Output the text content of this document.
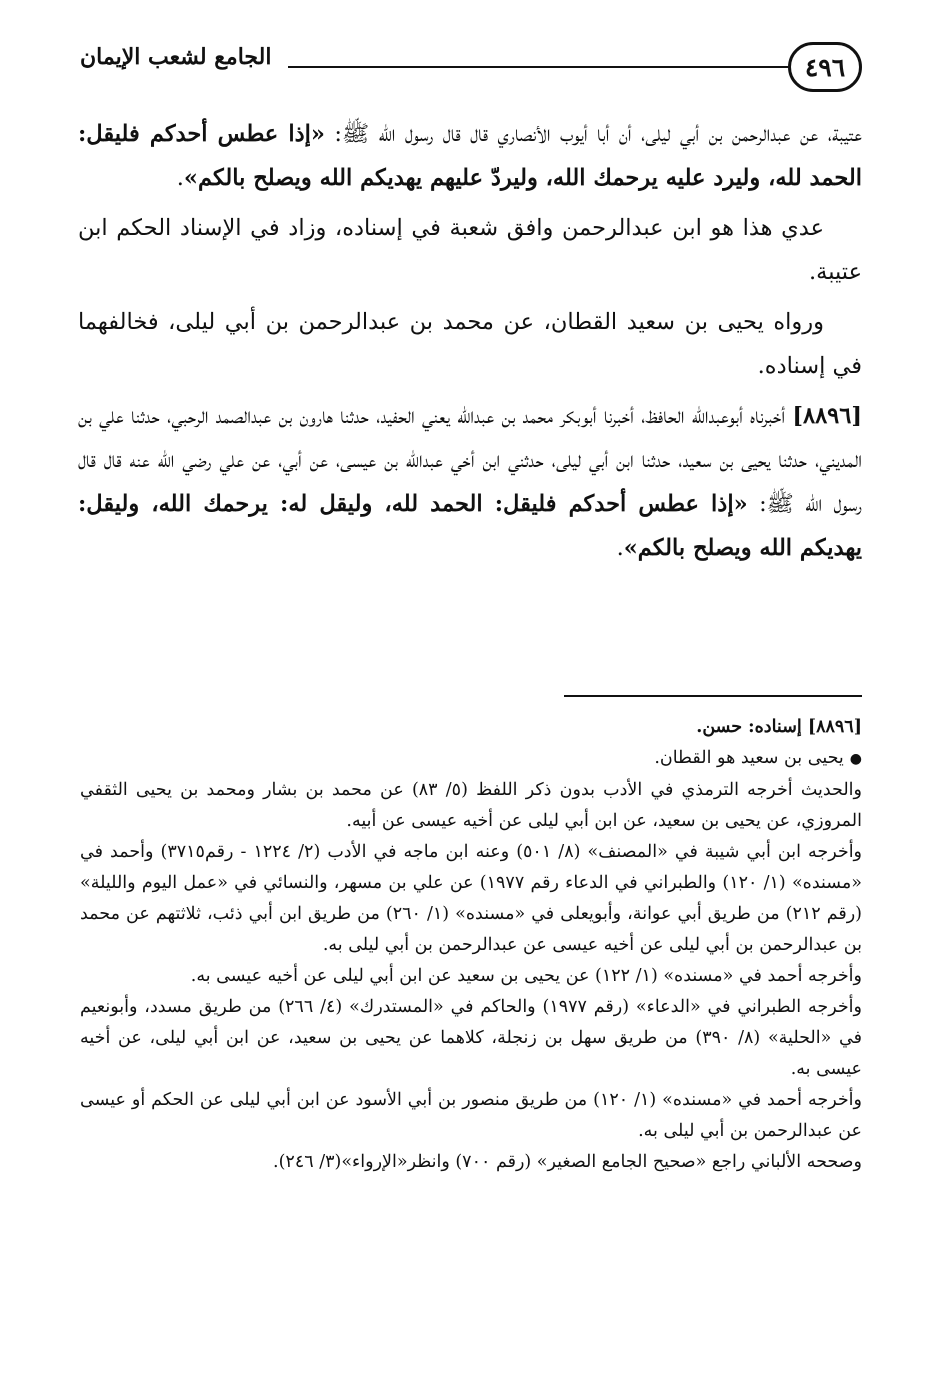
٤٩٦
الجامع لشعب الإيمان

عتيبة، عن عبدالرحمن بن أبي ليلى، أن أبا أيوب الأنصاري قال قال رسول الله ﷺ: «إذا عطس أحدكم فليقل: الحمد لله، وليرد عليه يرحمك الله، وليردّ عليهم يهديكم الله ويصلح بالكم».

عدي هذا هو ابن عبدالرحمن وافق شعبة في إسناده، وزاد في الإسناد الحكم ابن عتيبة.

ورواه يحيى بن سعيد القطان، عن محمد بن عبدالرحمن بن أبي ليلى، فخالفهما في إسناده.

[٨٨٩٦] أخبرناه أبوعبدالله الحافظ، أخبرنا أبوبكر محمد بن عبدالله يعني الحفيد، حدثنا هارون بن عبدالصمد الرحبي، حدثنا علي بن المديني، حدثنا يحيى بن سعيد، حدثنا ابن أبي ليلى، حدثني ابن أخي عبدالله بن عيسى، عن أبي، عن علي رضي الله عنه قال قال رسول الله ﷺ: «إذا عطس أحدكم فليقل: الحمد لله، وليقل له: يرحمك الله، وليقل: يهديكم الله ويصلح بالكم».

[٨٨٩٦] إسناده: حسن.

●يحيى بن سعيد هو القطان.

والحديث أخرجه الترمذي في الأدب بدون ذكر اللفظ (٥/ ٨٣) عن محمد بن بشار ومحمد بن يحيى الثقفي المروزي، عن يحيى بن سعيد، عن ابن أبي ليلى عن أخيه عيسى عن أبيه.

وأخرجه ابن أبي شيبة في «المصنف» (٨/ ٥٠١) وعنه ابن ماجه في الأدب (٢/ ١٢٢٤ - رقم٣٧١٥) وأحمد في «مسنده» (١/ ١٢٠) والطبراني في الدعاء رقم ١٩٧٧) عن علي بن مسهر، والنسائي في «عمل اليوم والليلة» (رقم ٢١٢) من طريق أبي عوانة، وأبويعلى في «مسنده» (١/ ٢٦٠) من طريق ابن أبي ذئب، ثلاثتهم عن محمد بن عبدالرحمن بن أبي ليلى عن أخيه عيسى عن عبدالرحمن بن أبي ليلى به.

وأخرجه أحمد في «مسنده» (١/ ١٢٢) عن يحيى بن سعيد عن ابن أبي ليلى عن أخيه عيسى به.

وأخرجه الطبراني في «الدعاء» (رقم ١٩٧٧) والحاكم في «المستدرك» (٤/ ٢٦٦) من طريق مسدد، وأبونعيم في «الحلية» (٨/ ٣٩٠) من طريق سهل بن زنجلة، كلاهما عن يحيى بن سعيد، عن ابن أبي ليلى، عن أخيه عيسى به.

وأخرجه أحمد في «مسنده» (١/ ١٢٠) من طريق منصور بن أبي الأسود عن ابن أبي ليلى عن الحكم أو عيسى عن عبدالرحمن بن أبي ليلى به.

وصححه الألباني راجع «صحيح الجامع الصغير» (رقم ٧٠٠) وانظر«الإرواء»(٣/ ٢٤٦).
